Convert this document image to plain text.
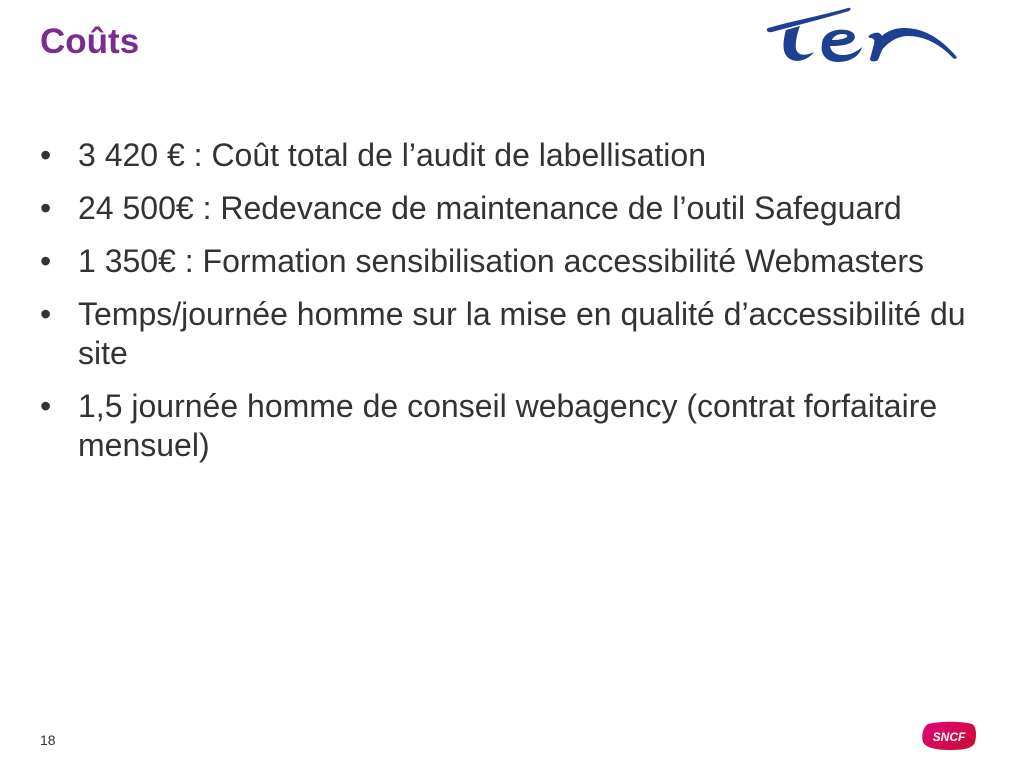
Coûts
• 3 420 € : Coût total de l’audit de labellisation
• 24 500€ : Redevance de maintenance de l’outil Safeguard
• 1 350€ : Formation sensibilisation accessibilité Webmasters
• Temps/journée homme sur la mise en qualité d’accessibilité du site
• 1,5 journée homme de conseil webagency (contrat forfaitaire mensuel)
18	SNCF
